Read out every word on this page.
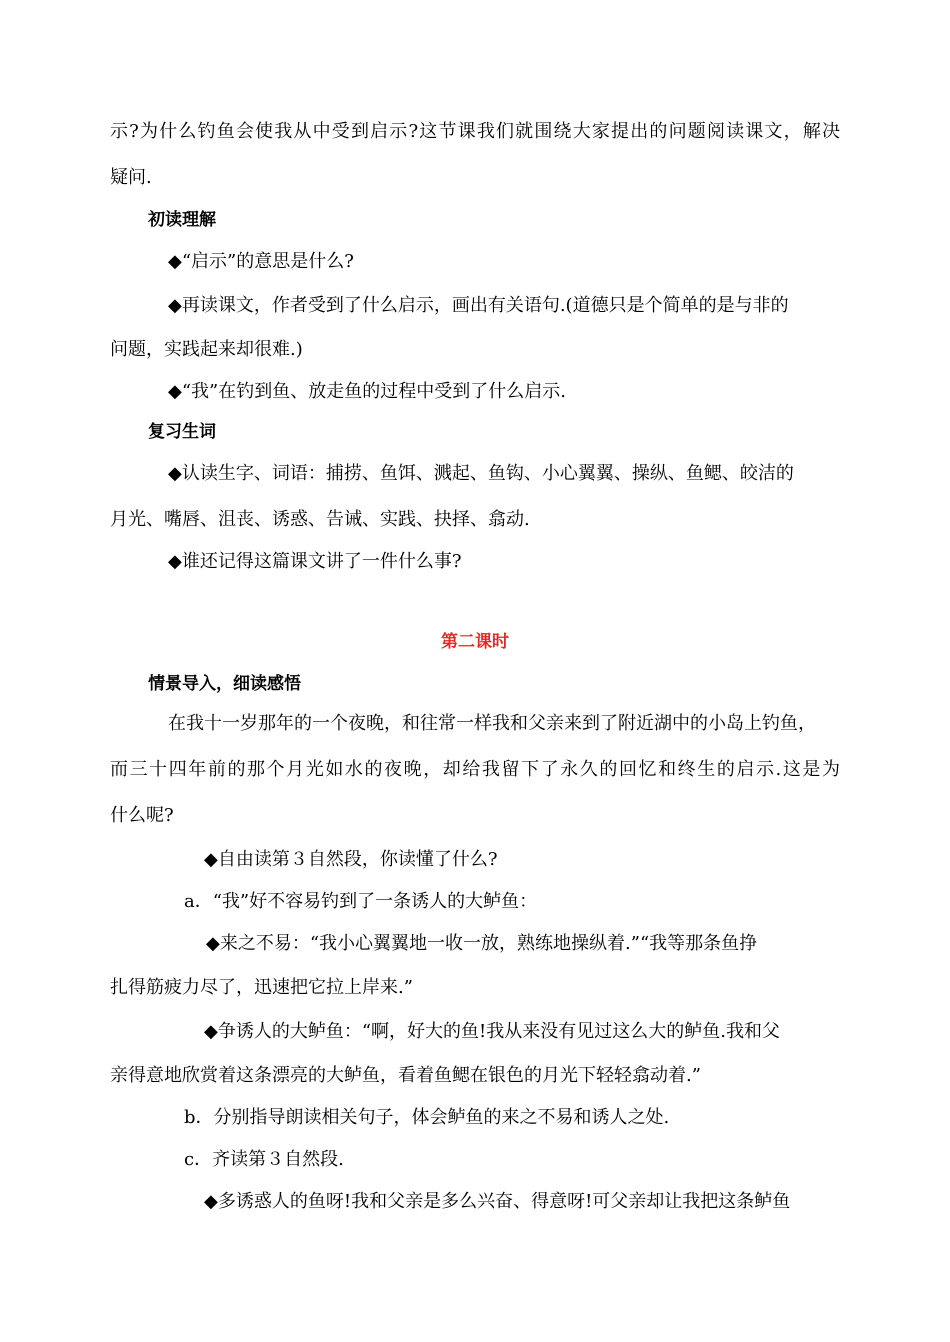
示?为什么钓鱼会使我从中受到启示?这节课我们就围绕大家提出的问题阅读课文，解决
疑问.
初读理解
◆“启示”的意思是什么?
◆再读课文，作者受到了什么启示，画出有关语句.(道德只是个简单的是与非的
问题，实践起来却很难.)
◆“我”在钓到鱼、放走鱼的过程中受到了什么启示.
复习生词
◆认读生字、词语：捕捞、鱼饵、溅起、鱼钩、小心翼翼、操纵、鱼鳃、皎洁的
月光、嘴唇、沮丧、诱惑、告诫、实践、抉择、翕动.
◆谁还记得这篇课文讲了一件什么事?
第二课时
情景导入，细读感悟
在我十一岁那年的一个夜晚，和往常一样我和父亲来到了附近湖中的小岛上钓鱼，
而三十四年前的那个月光如水的夜晚，却给我留下了永久的回忆和终生的启示.这是为
什么呢?
◆自由读第３自然段，你读懂了什么?
a．“我”好不容易钓到了一条诱人的大鲈鱼：
◆来之不易：“我小心翼翼地一收一放，熟练地操纵着.”“我等那条鱼挣
扎得筋疲力尽了，迅速把它拉上岸来.”
◆争诱人的大鲈鱼：“啊，好大的鱼!我从来没有见过这么大的鲈鱼.我和父
亲得意地欣赏着这条漂亮的大鲈鱼，看着鱼鳃在银色的月光下轻轻翕动着.”
b．分别指导朗读相关句子，体会鲈鱼的来之不易和诱人之处.
c．齐读第３自然段.
◆多诱惑人的鱼呀!我和父亲是多么兴奋、得意呀!可父亲却让我把这条鲈鱼
